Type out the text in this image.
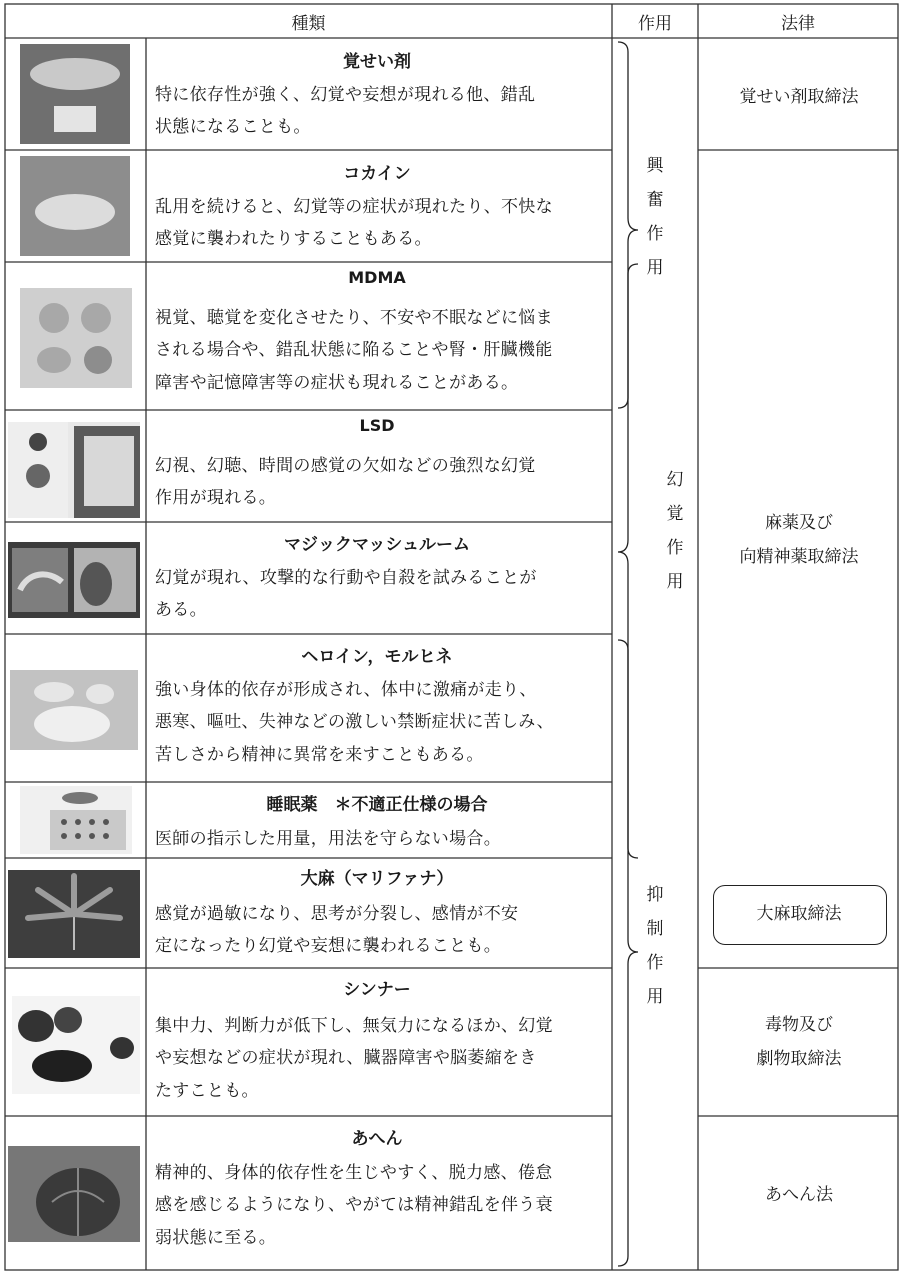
種類	作用	法律
覚せい剤
特に依存性が強く、幻覚や妄想が現れる他、錯乱
状態になることも。
コカイン
乱用を続けると、幻覚等の症状が現れたり、不快な
感覚に襲われたりすることもある。
MDMA
視覚、聴覚を変化させたり、不安や不眠などに悩ま
される場合や、錯乱状態に陥ることや腎・肝臓機能
障害や記憶障害等の症状も現れることがある。
LSD
幻視、幻聴、時間の感覚の欠如などの強烈な幻覚
作用が現れる。
マジックマッシュルーム
幻覚が現れ、攻撃的な行動や自殺を試みることが
ある。
ヘロイン，モルヒネ
強い身体的依存が形成され、体中に激痛が走り、
悪寒、嘔吐、失神などの激しい禁断症状に苦しみ、
苦しさから精神に異常を来すこともある。
睡眠薬　＊不適正仕様の場合
医師の指示した用量，用法を守らない場合。
大麻（マリファナ）
感覚が過敏になり、思考が分裂し、感情が不安
定になったり幻覚や妄想に襲われることも。
シンナー
集中力、判断力が低下し、無気力になるほか、幻覚
や妄想などの症状が現れ、臓器障害や脳萎縮をき
たすことも。
あへん
精神的、身体的依存性を生じやすく、脱力感、倦怠
感を感じるようになり、やがては精神錯乱を伴う衰
弱状態に至る。
興奮作用
幻覚作用
抑制作用
覚せい剤取締法
麻薬及び
向精神薬取締法
大麻取締法
毒物及び
劇物取締法
あへん法
